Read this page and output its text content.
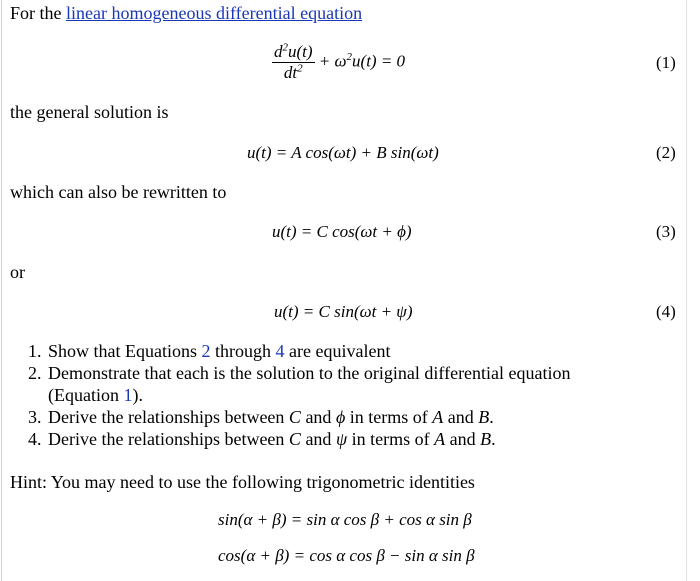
For the linear homogeneous differential equation
$\frac{d^2u(t)}{dt^2} + \omega^2u(t) = 0$	(1)
the general solution is
u(t) = A cos(ωt) + B sin(ωt)	(2)
which can also be rewritten to
u(t) = C cos(ωt + ϕ)	(3)
or
u(t) = C sin(ωt + ψ)	(4)
1. Show that Equations 2 through 4 are equivalent
2. Demonstrate that each is the solution to the original differential equation (Equation 1).
3. Derive the relationships between C and ϕ in terms of A and B.
4. Derive the relationships between C and ψ in terms of A and B.
Hint: You may need to use the following trigonometric identities
sin(α + β) = sin α cos β + cos α sin β
cos(α + β) = cos α cos β − sin α sin β
